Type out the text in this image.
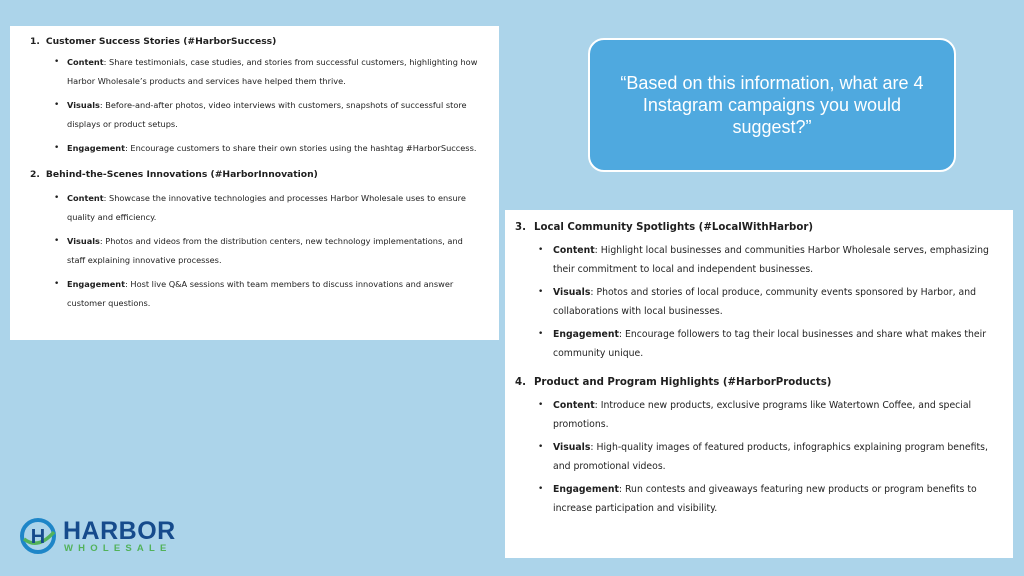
1. Customer Success Stories (#HarborSuccess)
• Content: Share testimonials, case studies, and stories from successful customers, highlighting how Harbor Wholesale’s products and services have helped them thrive.
• Visuals: Before-and-after photos, video interviews with customers, snapshots of successful store displays or product setups.
• Engagement: Encourage customers to share their own stories using the hashtag #HarborSuccess.
2. Behind-the-Scenes Innovations (#HarborInnovation)
• Content: Showcase the innovative technologies and processes Harbor Wholesale uses to ensure quality and efficiency.
• Visuals: Photos and videos from the distribution centers, new technology implementations, and staff explaining innovative processes.
• Engagement: Host live Q&A sessions with team members to discuss innovations and answer customer questions.
“Based on this information, what are 4 Instagram campaigns you would suggest?”
3. Local Community Spotlights (#LocalWithHarbor)
• Content: Highlight local businesses and communities Harbor Wholesale serves, emphasizing their commitment to local and independent businesses.
• Visuals: Photos and stories of local produce, community events sponsored by Harbor, and collaborations with local businesses.
• Engagement: Encourage followers to tag their local businesses and share what makes their community unique.
4. Product and Program Highlights (#HarborProducts)
• Content: Introduce new products, exclusive programs like Watertown Coffee, and special promotions.
• Visuals: High-quality images of featured products, infographics explaining program benefits, and promotional videos.
• Engagement: Run contests and giveaways featuring new products or program benefits to increase participation and visibility.
H HARBOR
WHOLESALE
